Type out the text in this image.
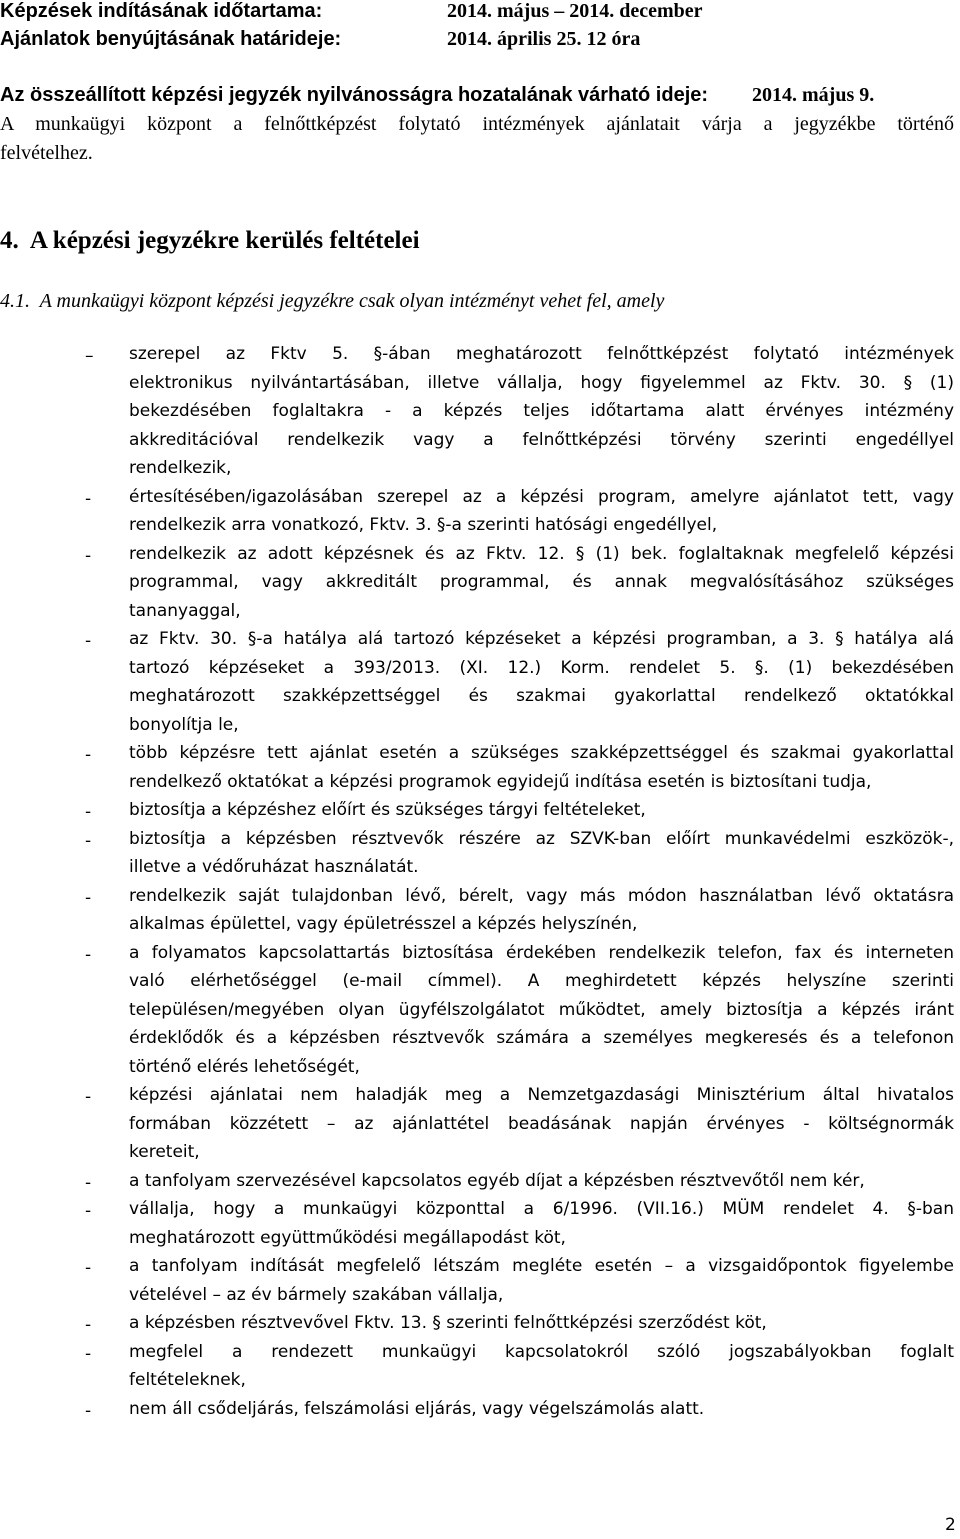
Képzések indításának időtartama:	2014. május – 2014. december
Ajánlatok benyújtásának határideje:	2014. április 25. 12 óra
Az összeállított képzési jegyzék nyilvánosságra hozatalának várható ideje: 2014. május 9.
A munkaügyi központ a felnőttképzést folytató intézmények ajánlatait várja a jegyzékbe történő
felvételhez.
4.  A képzési jegyzékre kerülés feltételei
4.1.  A munkaügyi központ képzési jegyzékre csak olyan intézményt vehet fel, amely
– szerepel az Fktv 5. §-ában meghatározott felnőttképzést folytató intézmények
elektronikus nyilvántartásában, illetve vállalja, hogy figyelemmel az Fktv. 30. § (1)
bekezdésében foglaltakra - a képzés teljes időtartama alatt érvényes intézmény
akkreditációval rendelkezik vagy a felnőttképzési törvény szerinti engedéllyel
rendelkezik,
- értesítésében/igazolásában szerepel az a képzési program, amelyre ajánlatot tett, vagy
rendelkezik arra vonatkozó, Fktv. 3. §-a szerinti hatósági engedéllyel,
- rendelkezik az adott képzésnek és az Fktv. 12. § (1) bek. foglaltaknak megfelelő képzési
programmal, vagy akkreditált programmal, és annak megvalósításához szükséges
tananyaggal,
- az Fktv. 30. §-a hatálya alá tartozó képzéseket a képzési programban, a 3. § hatálya alá
tartozó képzéseket a 393/2013. (XI. 12.) Korm. rendelet 5. §. (1) bekezdésében
meghatározott szakképzettséggel és szakmai gyakorlattal rendelkező oktatókkal
bonyolítja le,
- több képzésre tett ajánlat esetén a szükséges szakképzettséggel és szakmai gyakorlattal
rendelkező oktatókat a képzési programok egyidejű indítása esetén is biztosítani tudja,
- biztosítja a képzéshez előírt és szükséges tárgyi feltételeket,
- biztosítja a képzésben résztvevők részére az SZVK-ban előírt munkavédelmi eszközök-,
illetve a védőruházat használatát.
- rendelkezik saját tulajdonban lévő, bérelt, vagy más módon használatban lévő oktatásra
alkalmas épülettel, vagy épületrésszel a képzés helyszínén,
- a folyamatos kapcsolattartás biztosítása érdekében rendelkezik telefon, fax és interneten
való elérhetőséggel (e-mail címmel). A meghirdetett képzés helyszíne szerinti
településen/megyében olyan ügyfélszolgálatot működtet, amely biztosítja a képzés iránt
érdeklődők és a képzésben résztvevők számára a személyes megkeresés és a telefonon
történő elérés lehetőségét,
- képzési ajánlatai nem haladják meg a Nemzetgazdasági Minisztérium által hivatalos
formában közzétett – az ajánlattétel beadásának napján érvényes - költségnormák
kereteit,
- a tanfolyam szervezésével kapcsolatos egyéb díjat a képzésben résztvevőtől nem kér,
- vállalja, hogy a munkaügyi központtal a 6/1996. (VII.16.) MÜM rendelet 4. §-ban
meghatározott együttműködési megállapodást köt,
- a tanfolyam indítását megfelelő létszám megléte esetén – a vizsgaidőpontok figyelembe
vételével – az év bármely szakában vállalja,
- a képzésben résztvevővel Fktv. 13. § szerinti felnőttképzési szerződést köt,
- megfelel a rendezett munkaügyi kapcsolatokról szóló jogszabályokban foglalt
feltételeknek,
- nem áll csődeljárás, felszámolási eljárás, vagy végelszámolás alatt.
2
